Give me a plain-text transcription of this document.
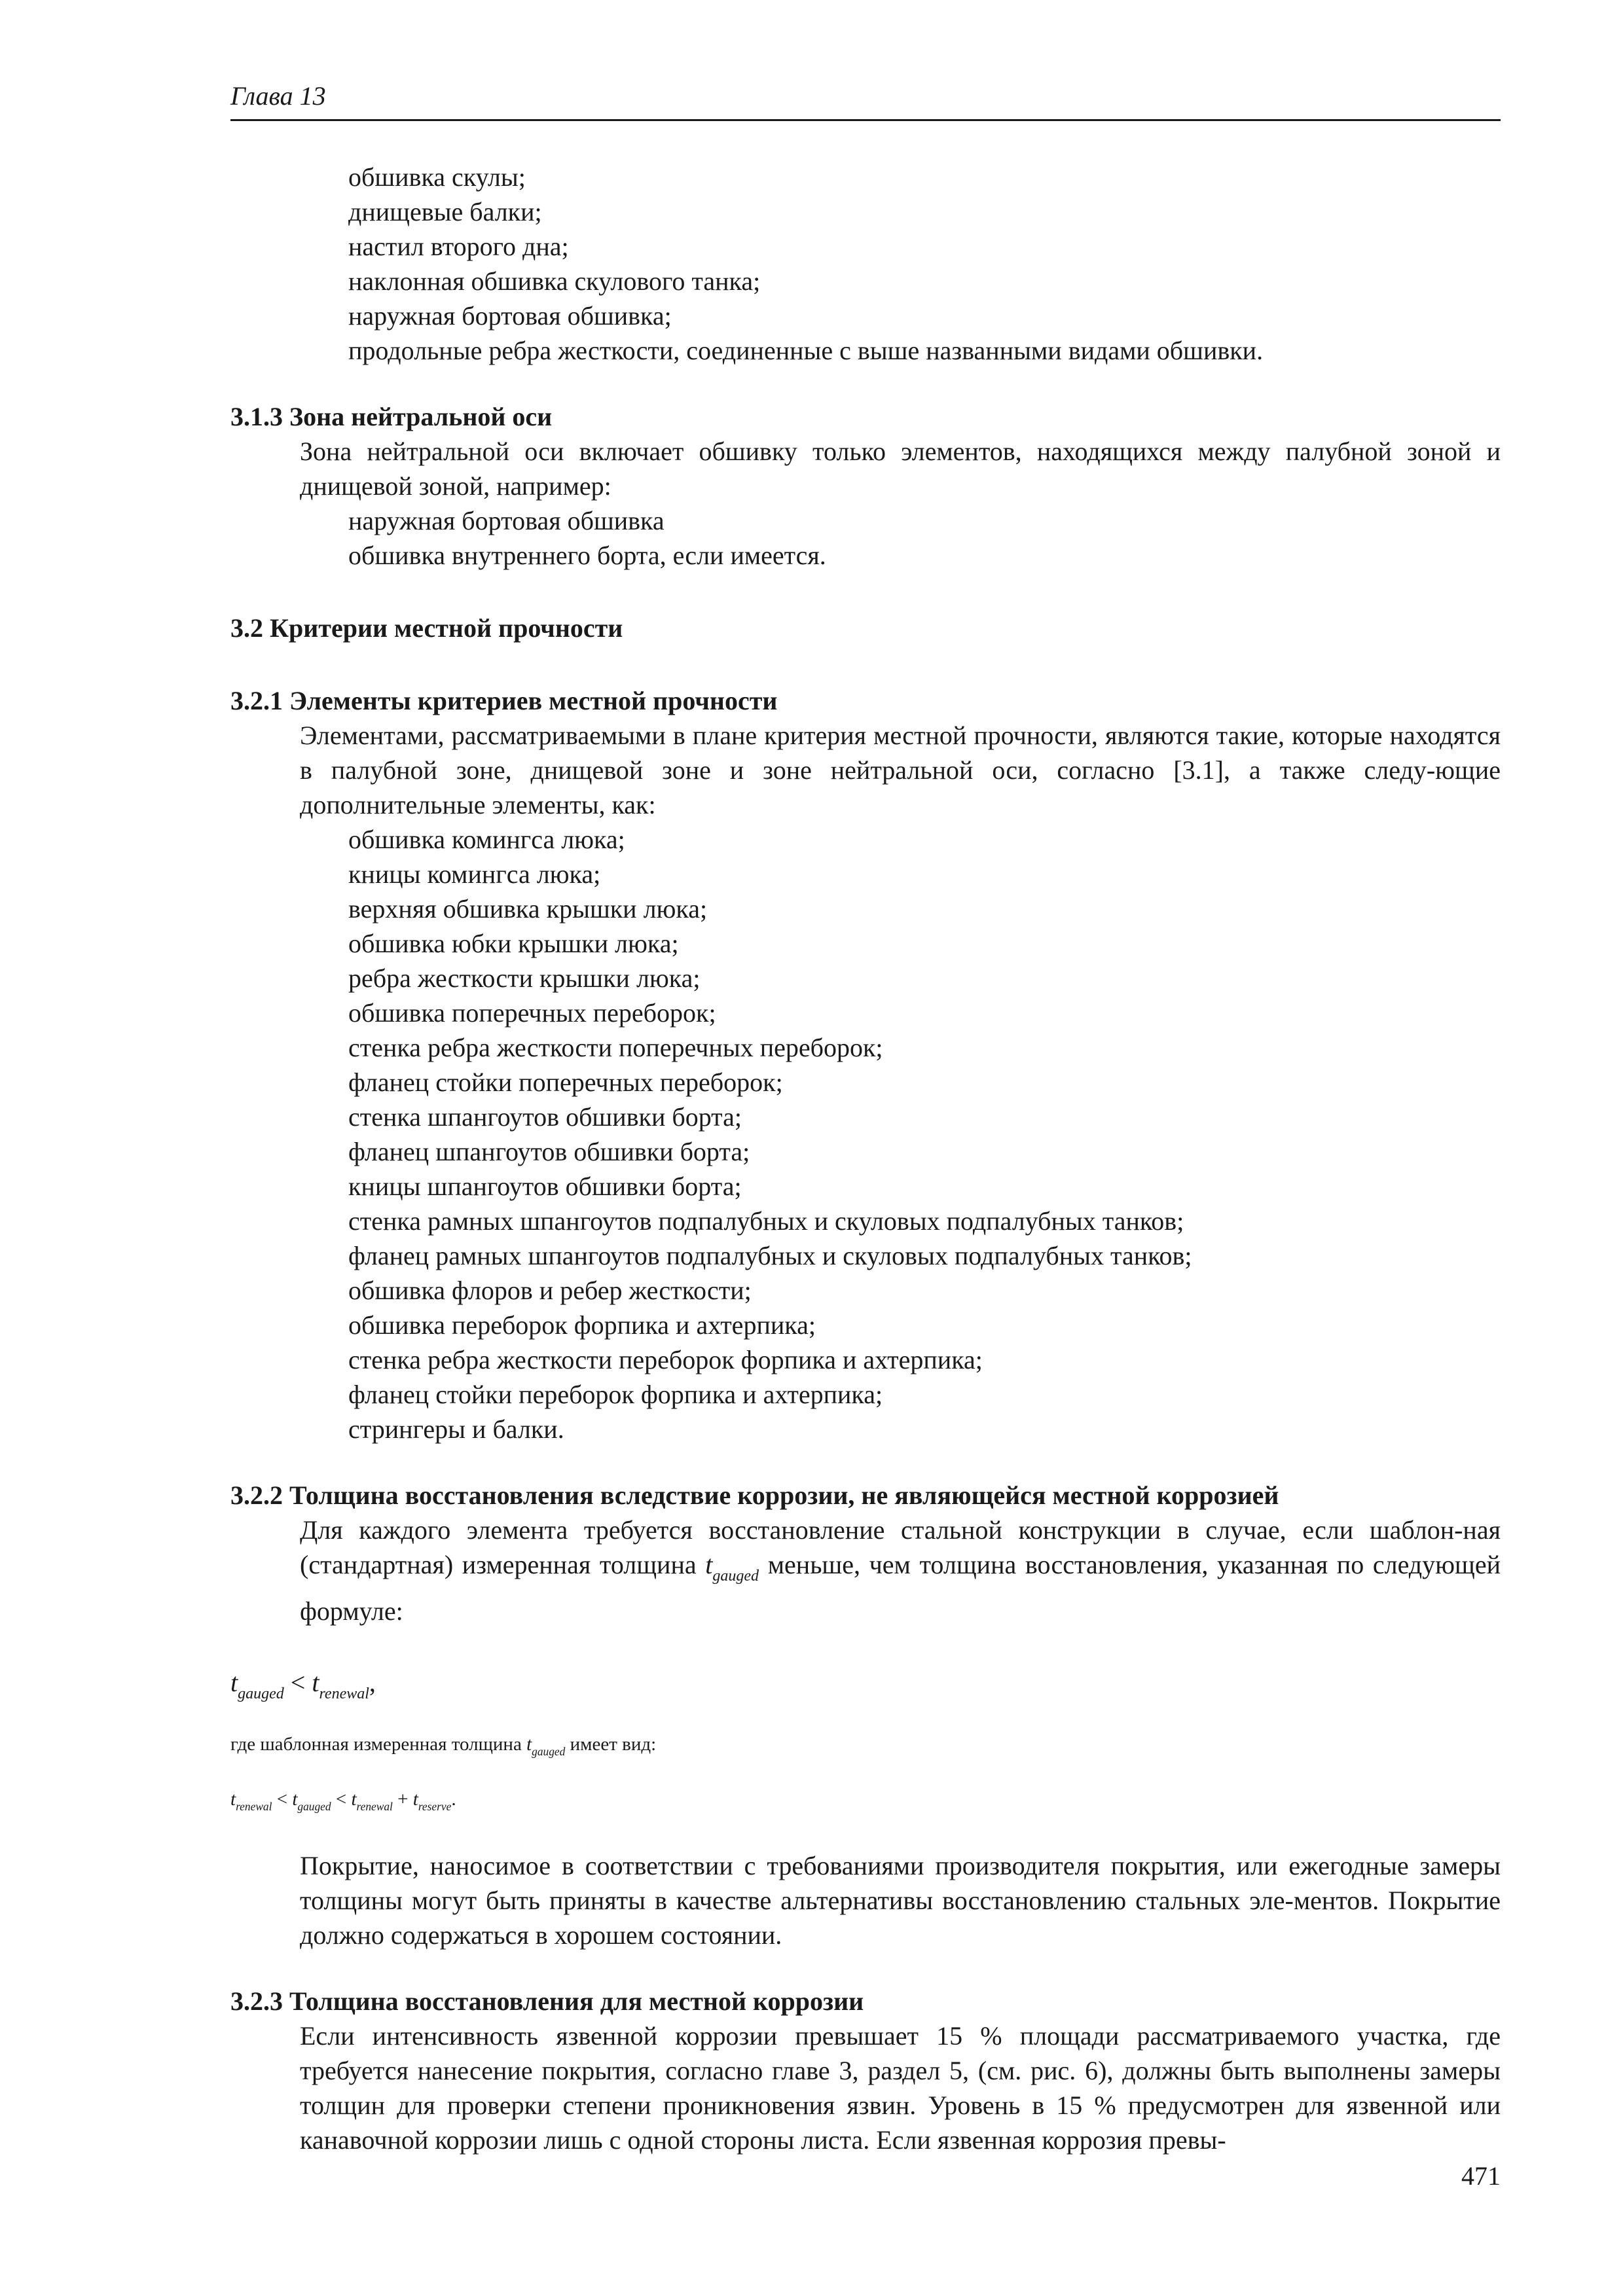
Глава 13
обшивка скулы;
днищевые балки;
настил второго дна;
наклонная обшивка скулового танка;
наружная бортовая обшивка;
продольные ребра жесткости, соединенные с выше названными видами обшивки.
3.1.3 Зона нейтральной оси
Зона нейтральной оси включает обшивку только элементов, находящихся между палубной зоной и днищевой зоной, например:
наружная бортовая обшивка
обшивка внутреннего борта, если имеется.
3.2 Критерии местной прочности
3.2.1 Элементы критериев местной прочности
Элементами, рассматриваемыми в плане критерия местной прочности, являются такие, которые находятся в палубной зоне, днищевой зоне и зоне нейтральной оси, согласно [3.1], а также следу-ющие дополнительные элементы, как:
обшивка комингса люка;
кницы комингса люка;
верхняя обшивка крышки люка;
обшивка юбки крышки люка;
ребра жесткости крышки люка;
обшивка поперечных переборок;
стенка ребра жесткости поперечных переборок;
фланец стойки поперечных переборок;
стенка шпангоутов обшивки борта;
фланец шпангоутов обшивки борта;
кницы шпангоутов обшивки борта;
стенка рамных шпангоутов подпалубных и скуловых подпалубных танков;
фланец рамных шпангоутов подпалубных и скуловых подпалубных танков;
обшивка флоров и ребер жесткости;
обшивка переборок форпика и ахтерпика;
стенка ребра жесткости переборок форпика и ахтерпика;
фланец стойки переборок форпика и ахтерпика;
стрингеры и балки.
3.2.2 Толщина восстановления вследствие коррозии, не являющейся местной коррозией
Для каждого элемента требуется восстановление стальной конструкции в случае, если шаблон-ная (стандартная) измеренная толщина $t_{gauged}$ меньше, чем толщина восстановления, указанная по следующей формуле:
$t_{gauged} < t_{renewal}$,
где шаблонная измеренная толщина $t_{gauged}$ имеет вид:
$t_{renewal} < t_{gauged} < t_{renewal} + t_{reserve}$.
Покрытие, наносимое в соответствии с требованиями производителя покрытия, или ежегодные замеры толщины могут быть приняты в качестве альтернативы восстановлению стальных эле-ментов. Покрытие должно содержаться в хорошем состоянии.
3.2.3 Толщина восстановления для местной коррозии
Если интенсивность язвенной коррозии превышает 15 % площади рассматриваемого участка, где требуется нанесение покрытия, согласно главе 3, раздел 5, (см. рис. 6), должны быть выполнены замеры толщин для проверки степени проникновения язвин. Уровень в 15 % предусмотрен для язвенной или канавочной коррозии лишь с одной стороны листа. Если язвенная коррозия превы-
471
